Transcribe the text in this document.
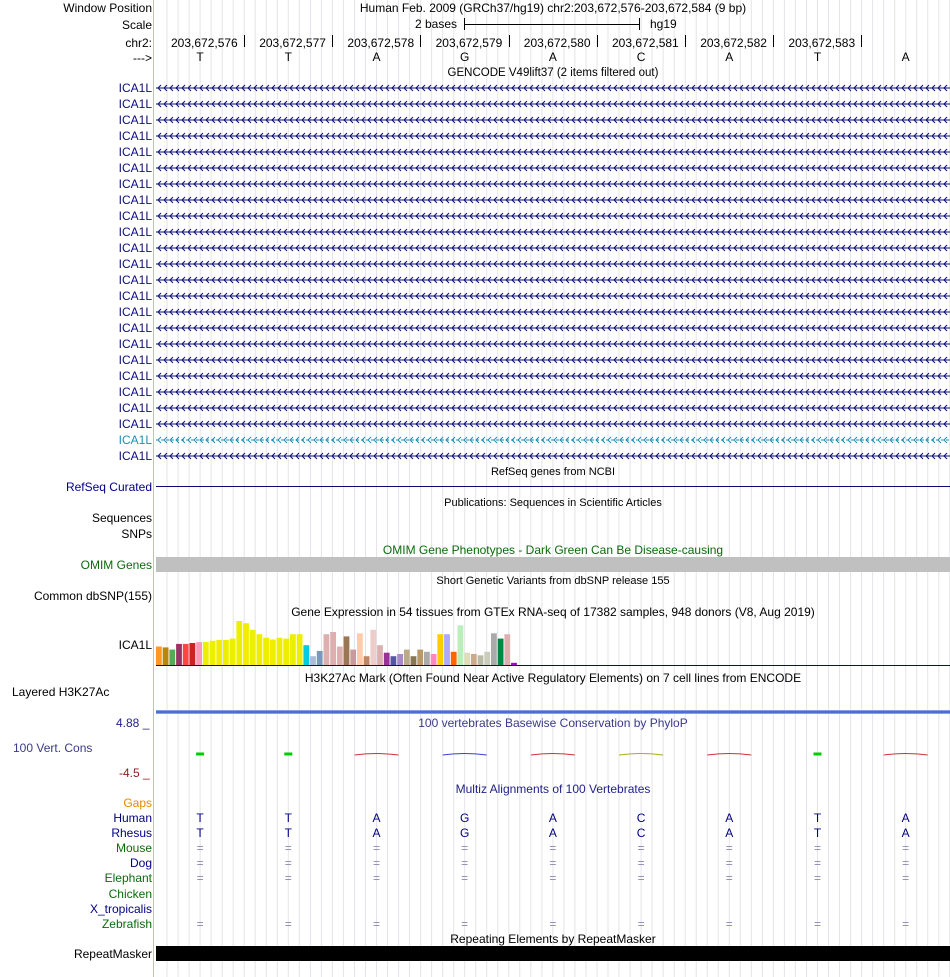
Window Position	Human Feb. 2009 (GRCh37/hg19) chr2:203,672,576-203,672,584 (9 bp)
Scale	2 bases	hg19
chr2: 203,672,576 203,672,577 203,672,578 203,672,579 203,672,580 203,672,581 203,672,582 203,672,583
--->	T	T	A	G	A	C	A	T	A
GENCODE V49lift37 (2 items filtered out)
ICA1L
ICA1L
ICA1L
ICA1L
ICA1L
ICA1L
ICA1L
ICA1L
ICA1L
ICA1L
ICA1L
ICA1L
ICA1L
ICA1L
ICA1L
ICA1L
ICA1L
ICA1L
ICA1L
ICA1L
ICA1L
ICA1L
ICA1L
ICA1L
RefSeq genes from NCBI
RefSeq Curated
Publications: Sequences in Scientific Articles
Sequences
SNPs
OMIM Gene Phenotypes - Dark Green Can Be Disease-causing
OMIM Genes
Short Genetic Variants from dbSNP release 155
Common dbSNP(155)
Gene Expression in 54 tissues from GTEx RNA-seq of 17382 samples, 948 donors (V8, Aug 2019)
ICA1L
H3K27Ac Mark (Often Found Near Active Regulatory Elements) on 7 cell lines from ENCODE
Layered H3K27Ac
4.88 _	100 vertebrates Basewise Conservation by PhyloP
100 Vert. Cons
-4.5 _
Multiz Alignments of 100 Vertebrates
Gaps
Human	T	T	A	G	A	C	A	T	A
Rhesus	T	T	A	G	A	C	A	T	A
Mouse	=	=	=	=	=	=	=	=	=
Dog	=	=	=	=	=	=	=	=	=
Elephant	=	=	=	=	=	=	=	=	=
Chicken
X_tropicalis
Zebrafish	=	=	=	=	=	=	=	=	=
Repeating Elements by RepeatMasker
RepeatMasker
